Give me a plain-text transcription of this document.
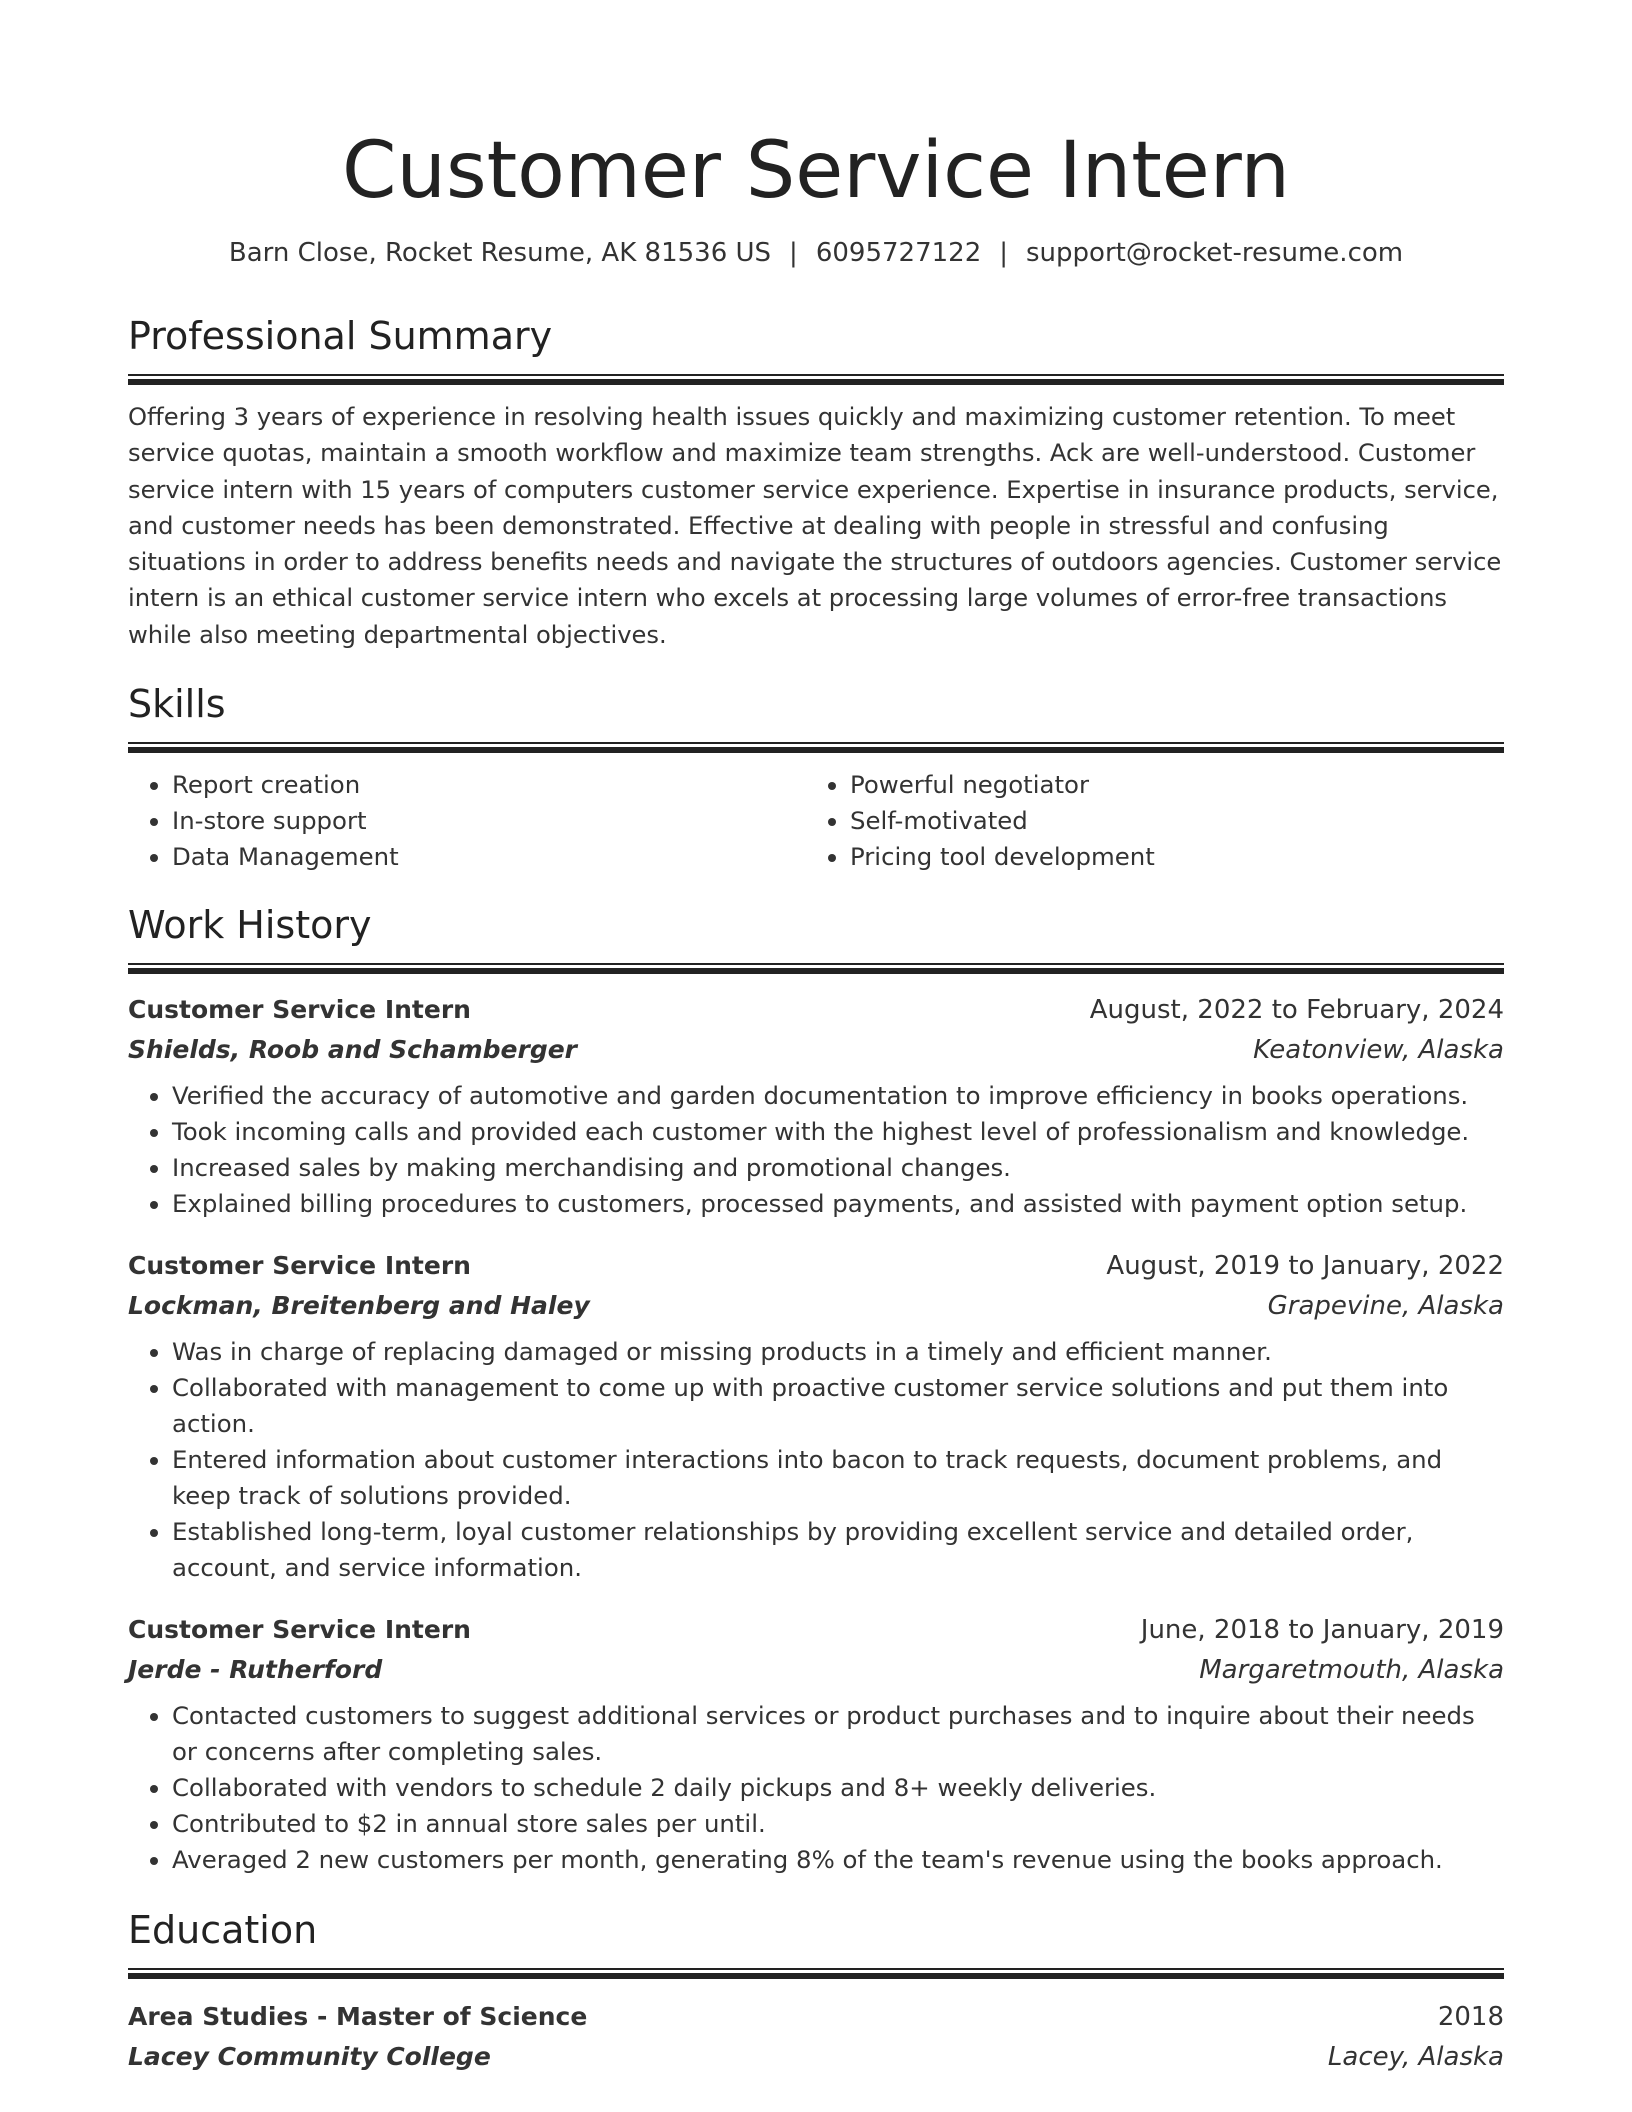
Customer Service Intern
Barn Close, Rocket Resume, AK 81536 US | 6095727122 | support@rocket-resume.com
Professional Summary

Offering 3 years of experience in resolving health issues quickly and maximizing customer retention. To meet service quotas, maintain a smooth workflow and maximize team strengths. Ack are well-understood. Customer service intern with 15 years of computers customer service experience. Expertise in insurance products, service, and customer needs has been demonstrated. Effective at dealing with people in stressful and confusing situations in order to address benefits needs and navigate the structures of outdoors agencies. Customer service intern is an ethical customer service intern who excels at processing large volumes of error-free transactions while also meeting departmental objectives.

Skills
• Report creation
• In-store support
• Data Management
• Powerful negotiator
• Self-motivated
• Pricing tool development
Work History
Customer Service Intern	August, 2022 to February, 2024
Shields, Roob and Schamberger	Keatonview, Alaska
• Verified the accuracy of automotive and garden documentation to improve efficiency in books operations.
• Took incoming calls and provided each customer with the highest level of professionalism and knowledge.
• Increased sales by making merchandising and promotional changes.
• Explained billing procedures to customers, processed payments, and assisted with payment option setup.
Customer Service Intern	August, 2019 to January, 2022
Lockman, Breitenberg and Haley	Grapevine, Alaska
• Was in charge of replacing damaged or missing products in a timely and efficient manner.
• Collaborated with management to come up with proactive customer service solutions and put them into action.
• Entered information about customer interactions into bacon to track requests, document problems, and keep track of solutions provided.
• Established long-term, loyal customer relationships by providing excellent service and detailed order, account, and service information.
Customer Service Intern	June, 2018 to January, 2019
Jerde - Rutherford	Margaretmouth, Alaska
• Contacted customers to suggest additional services or product purchases and to inquire about their needs or concerns after completing sales.
• Collaborated with vendors to schedule 2 daily pickups and 8+ weekly deliveries.
• Contributed to $2 in annual store sales per until.
• Averaged 2 new customers per month, generating 8% of the team's revenue using the books approach.
Education
Area Studies - Master of Science	2018
Lacey Community College	Lacey, Alaska
